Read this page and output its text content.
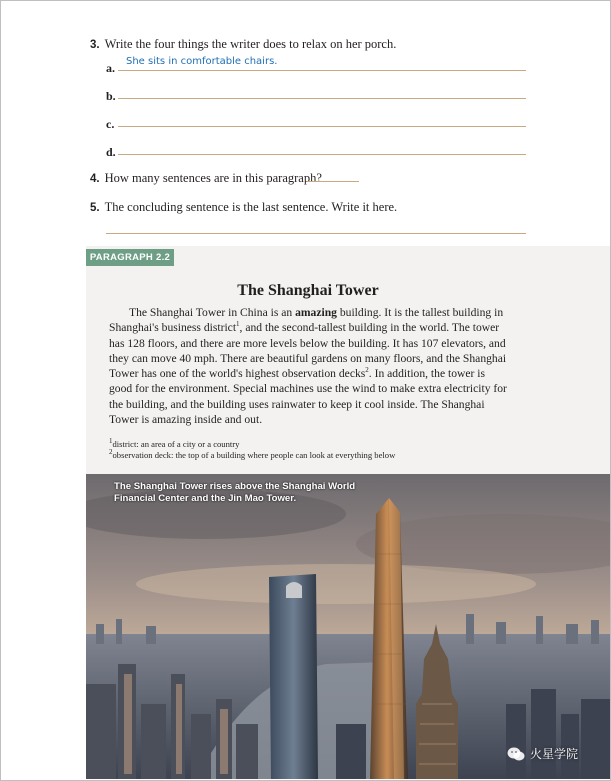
3. Write the four things the writer does to relax on her porch.
a. She sits in comfortable chairs.
b.
c.
d.
4. How many sentences are in this paragraph?
5. The concluding sentence is the last sentence. Write it here.
PARAGRAPH 2.2
The Shanghai Tower

The Shanghai Tower in China is an amazing building. It is the tallest building in Shanghai's business district$^1$, and the second-tallest building in the world. The tower has 128 floors, and there are more levels below the building. It has 107 elevators, and they can move 40 mph. There are beautiful gardens on many floors, and the Shanghai Tower has one of the world's highest observation decks$^2$. In addition, the tower is good for the environment. Special machines use the wind to make extra electricity for the building, and the building uses rainwater to keep it cool inside. The Shanghai Tower is amazing inside and out.

$^1$district: an area of a city or a country
$^2$observation deck: the top of a building where people can look at everything below
The Shanghai Tower rises above the Shanghai World Financial Center and the Jin Mao Tower.
火星学院
